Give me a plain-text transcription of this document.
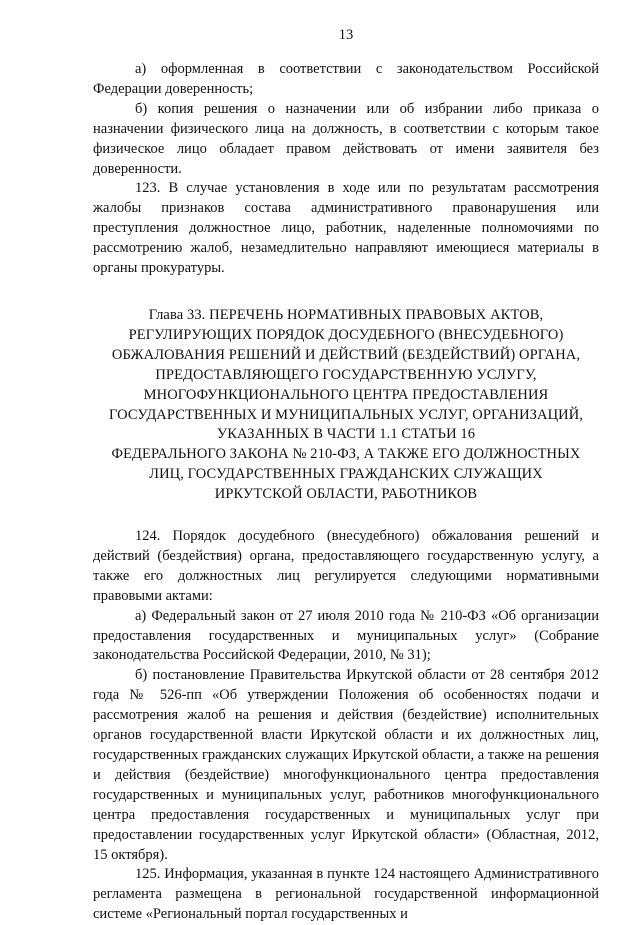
13

а) оформленная в соответствии с законодательством Российской Федерации доверенность;

б) копия решения о назначении или об избрании либо приказа о назначении физического лица на должность, в соответствии с которым такое физическое лицо обладает правом действовать от имени заявителя без доверенности.

123. В случае установления в ходе или по результатам рассмотрения жалобы признаков состава административного правонарушения или преступления должностное лицо, работник, наделенные полномочиями по рассмотрению жалоб, незамедлительно направляют имеющиеся материалы в органы прокуратуры.

Глава 33. ПЕРЕЧЕНЬ НОРМАТИВНЫХ ПРАВОВЫХ АКТОВ,

РЕГУЛИРУЮЩИХ ПОРЯДОК ДОСУДЕБНОГО (ВНЕСУДЕБНОГО)

ОБЖАЛОВАНИЯ РЕШЕНИЙ И ДЕЙСТВИЙ (БЕЗДЕЙСТВИЙ) ОРГАНА,

ПРЕДОСТАВЛЯЮЩЕГО ГОСУДАРСТВЕННУЮ УСЛУГУ,

МНОГОФУНКЦИОНАЛЬНОГО ЦЕНТРА ПРЕДОСТАВЛЕНИЯ

ГОСУДАРСТВЕННЫХ И МУНИЦИПАЛЬНЫХ УСЛУГ, ОРГАНИЗАЦИЙ,

УКАЗАННЫХ В ЧАСТИ 1.1 СТАТЬИ 16

ФЕДЕРАЛЬНОГО ЗАКОНА № 210-ФЗ, А ТАКЖЕ ЕГО ДОЛЖНОСТНЫХ

ЛИЦ, ГОСУДАРСТВЕННЫХ ГРАЖДАНСКИХ СЛУЖАЩИХ

ИРКУТСКОЙ ОБЛАСТИ, РАБОТНИКОВ

124. Порядок досудебного (внесудебного) обжалования решений и действий (бездействия) органа, предоставляющего государственную услугу, а также его должностных лиц регулируется следующими нормативными правовыми актами:

а) Федеральный закон от 27 июля 2010 года № 210-ФЗ «Об организации предоставления государственных и муниципальных услуг» (Собрание законодательства Российской Федерации, 2010, № 31);

б) постановление Правительства Иркутской области от 28 сентября 2012 года № 526-пп «Об утверждении Положения об особенностях подачи и рассмотрения жалоб на решения и действия (бездействие) исполнительных органов государственной власти Иркутской области и их должностных лиц, государственных гражданских служащих Иркутской области, а также на решения и действия (бездействие) многофункционального центра предоставления государственных и муниципальных услуг, работников многофункционального центра предоставления государственных и муниципальных услуг при предоставлении государственных услуг Иркутской области» (Областная, 2012, 15 октября).

125. Информация, указанная в пункте 124 настоящего Административного регламента размещена в региональной государственной информационной системе «Региональный портал государственных и
